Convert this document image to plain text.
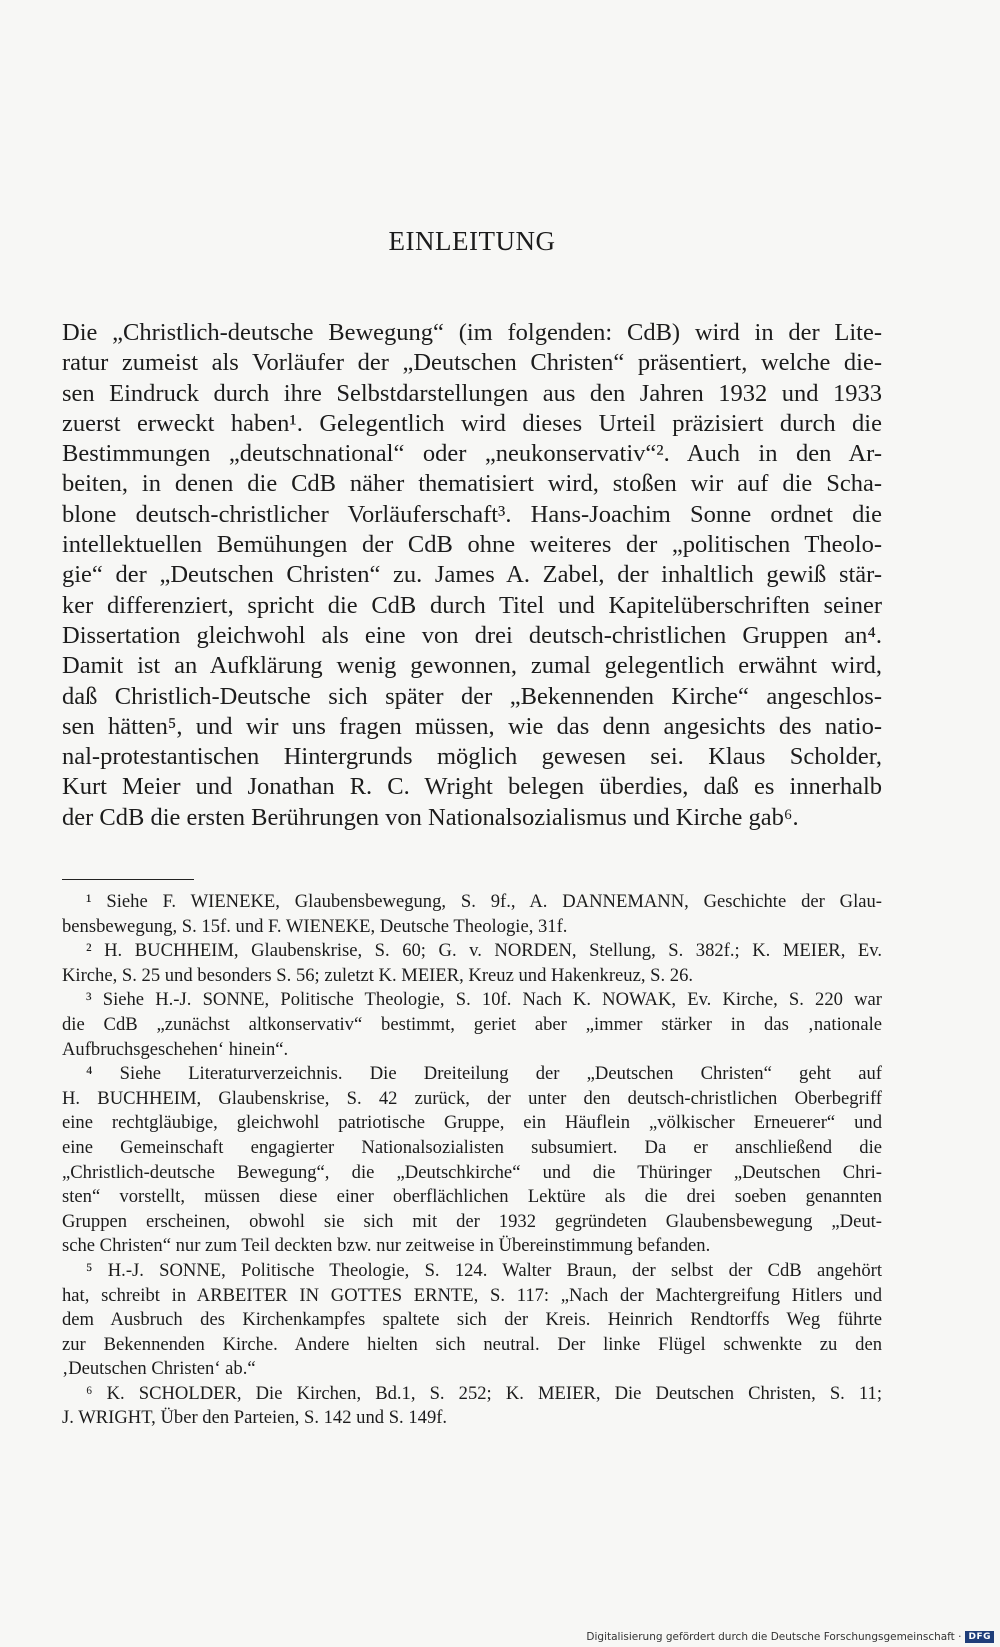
EINLEITUNG
Die „Christlich-deutsche Bewegung“ (im folgenden: CdB) wird in der Lite-
ratur zumeist als Vorläufer der „Deutschen Christen“ präsentiert, welche die-
sen Eindruck durch ihre Selbstdarstellungen aus den Jahren 1932 und 1933
zuerst erweckt haben¹. Gelegentlich wird dieses Urteil präzisiert durch die
Bestimmungen „deutschnational“ oder „neukonservativ“². Auch in den Ar-
beiten, in denen die CdB näher thematisiert wird, stoßen wir auf die Scha-
blone deutsch-christlicher Vorläuferschaft³. Hans-Joachim Sonne ordnet die
intellektuellen Bemühungen der CdB ohne weiteres der „politischen Theolo-
gie“ der „Deutschen Christen“ zu. James A. Zabel, der inhaltlich gewiß stär-
ker differenziert, spricht die CdB durch Titel und Kapitelüberschriften seiner
Dissertation gleichwohl als eine von drei deutsch-christlichen Gruppen an⁴.
Damit ist an Aufklärung wenig gewonnen, zumal gelegentlich erwähnt wird,
daß Christlich-Deutsche sich später der „Bekennenden Kirche“ angeschlos-
sen hätten⁵, und wir uns fragen müssen, wie das denn angesichts des natio-
nal-protestantischen Hintergrunds möglich gewesen sei. Klaus Scholder,
Kurt Meier und Jonathan R. C. Wright belegen überdies, daß es innerhalb
der CdB die ersten Berührungen von Nationalsozialismus und Kirche gab⁶.
¹ Siehe F. WIENEKE, Glaubensbewegung, S. 9f., A. DANNEMANN, Geschichte der Glau-
bensbewegung, S. 15f. und F. WIENEKE, Deutsche Theologie, 31f.
² H. BUCHHEIM, Glaubenskrise, S. 60; G. v. NORDEN, Stellung, S. 382f.; K. MEIER, Ev.
Kirche, S. 25 und besonders S. 56; zuletzt K. MEIER, Kreuz und Hakenkreuz, S. 26.
³ Siehe H.-J. SONNE, Politische Theologie, S. 10f. Nach K. NOWAK, Ev. Kirche, S. 220 war
die CdB „zunächst altkonservativ“ bestimmt, geriet aber „immer stärker in das ‚nationale
Aufbruchsgeschehen‘ hinein“.
⁴ Siehe Literaturverzeichnis. Die Dreiteilung der „Deutschen Christen“ geht auf
H. BUCHHEIM, Glaubenskrise, S. 42 zurück, der unter den deutsch-christlichen Oberbegriff
eine rechtgläubige, gleichwohl patriotische Gruppe, ein Häuflein „völkischer Erneuerer“ und
eine Gemeinschaft engagierter Nationalsozialisten subsumiert. Da er anschließend die
„Christlich-deutsche Bewegung“, die „Deutschkirche“ und die Thüringer „Deutschen Chri-
sten“ vorstellt, müssen diese einer oberflächlichen Lektüre als die drei soeben genannten
Gruppen erscheinen, obwohl sie sich mit der 1932 gegründeten Glaubensbewegung „Deut-
sche Christen“ nur zum Teil deckten bzw. nur zeitweise in Übereinstimmung befanden.
⁵ H.-J. SONNE, Politische Theologie, S. 124. Walter Braun, der selbst der CdB angehört
hat, schreibt in ARBEITER IN GOTTES ERNTE, S. 117: „Nach der Machtergreifung Hitlers und
dem Ausbruch des Kirchenkampfes spaltete sich der Kreis. Heinrich Rendtorffs Weg führte
zur Bekennenden Kirche. Andere hielten sich neutral. Der linke Flügel schwenkte zu den
‚Deutschen Christen‘ ab.“
⁶ K. SCHOLDER, Die Kirchen, Bd.1, S. 252; K. MEIER, Die Deutschen Christen, S. 11;
J. WRIGHT, Über den Parteien, S. 142 und S. 149f.
Digitalisierung gefördert durch die Deutsche Forschungsgemeinschaft · DFG
